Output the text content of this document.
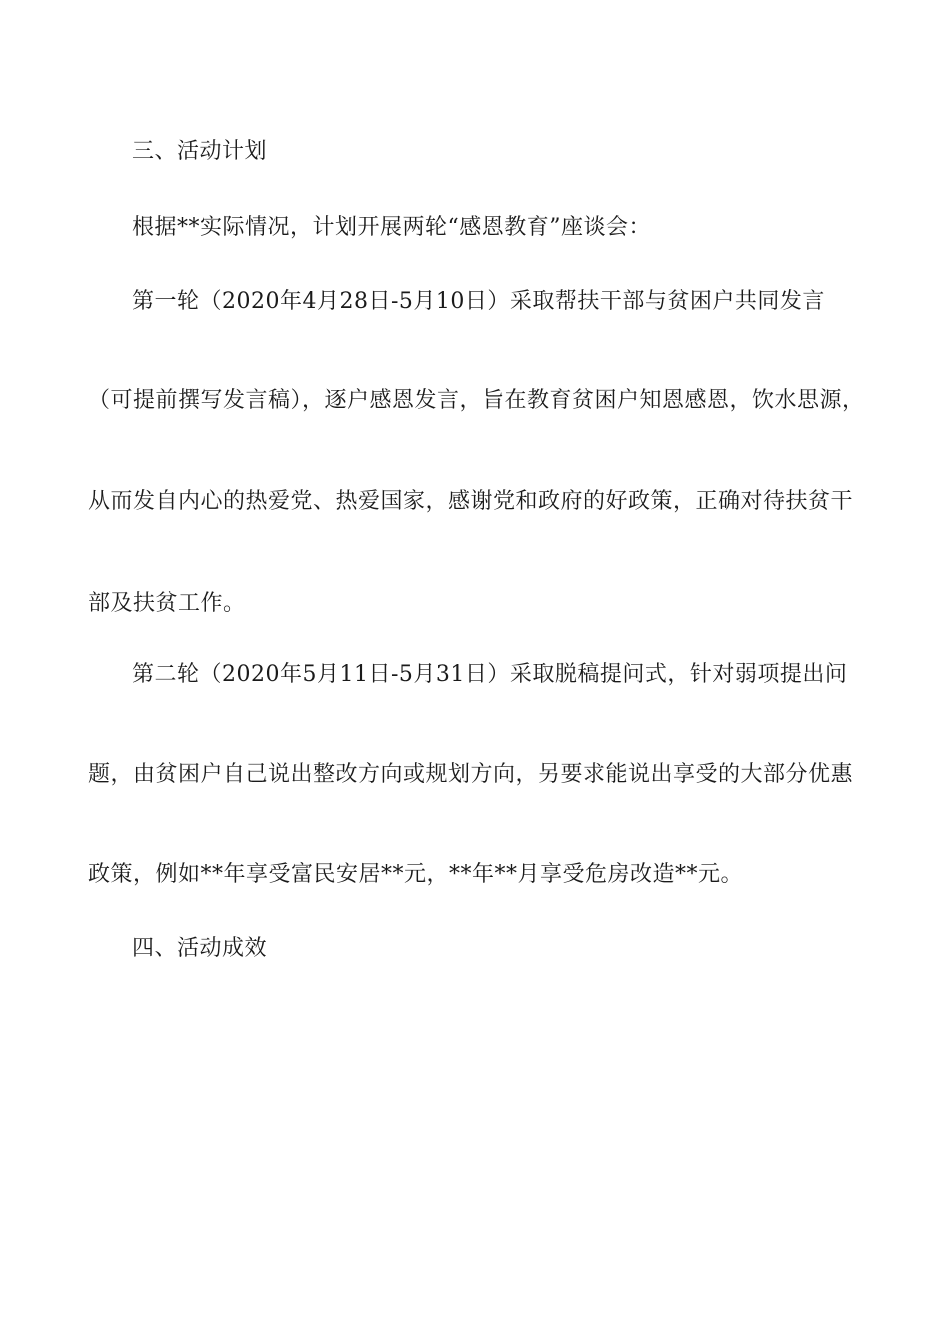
三、活动计划

根据**实际情况，计划开展两轮“感恩教育”座谈会：

第一轮（2020年4月28日-5月10日）采取帮扶干部与贫困户共同发言

（可提前撰写发言稿），逐户感恩发言，旨在教育贫困户知恩感恩，饮水思源，

从而发自内心的热爱党、热爱国家，感谢党和政府的好政策，正确对待扶贫干

部及扶贫工作。

第二轮（2020年5月11日-5月31日）采取脱稿提问式，针对弱项提出问

题，由贫困户自己说出整改方向或规划方向，另要求能说出享受的大部分优惠

政策，例如**年享受富民安居**元，**年**月享受危房改造**元。

四、活动成效
